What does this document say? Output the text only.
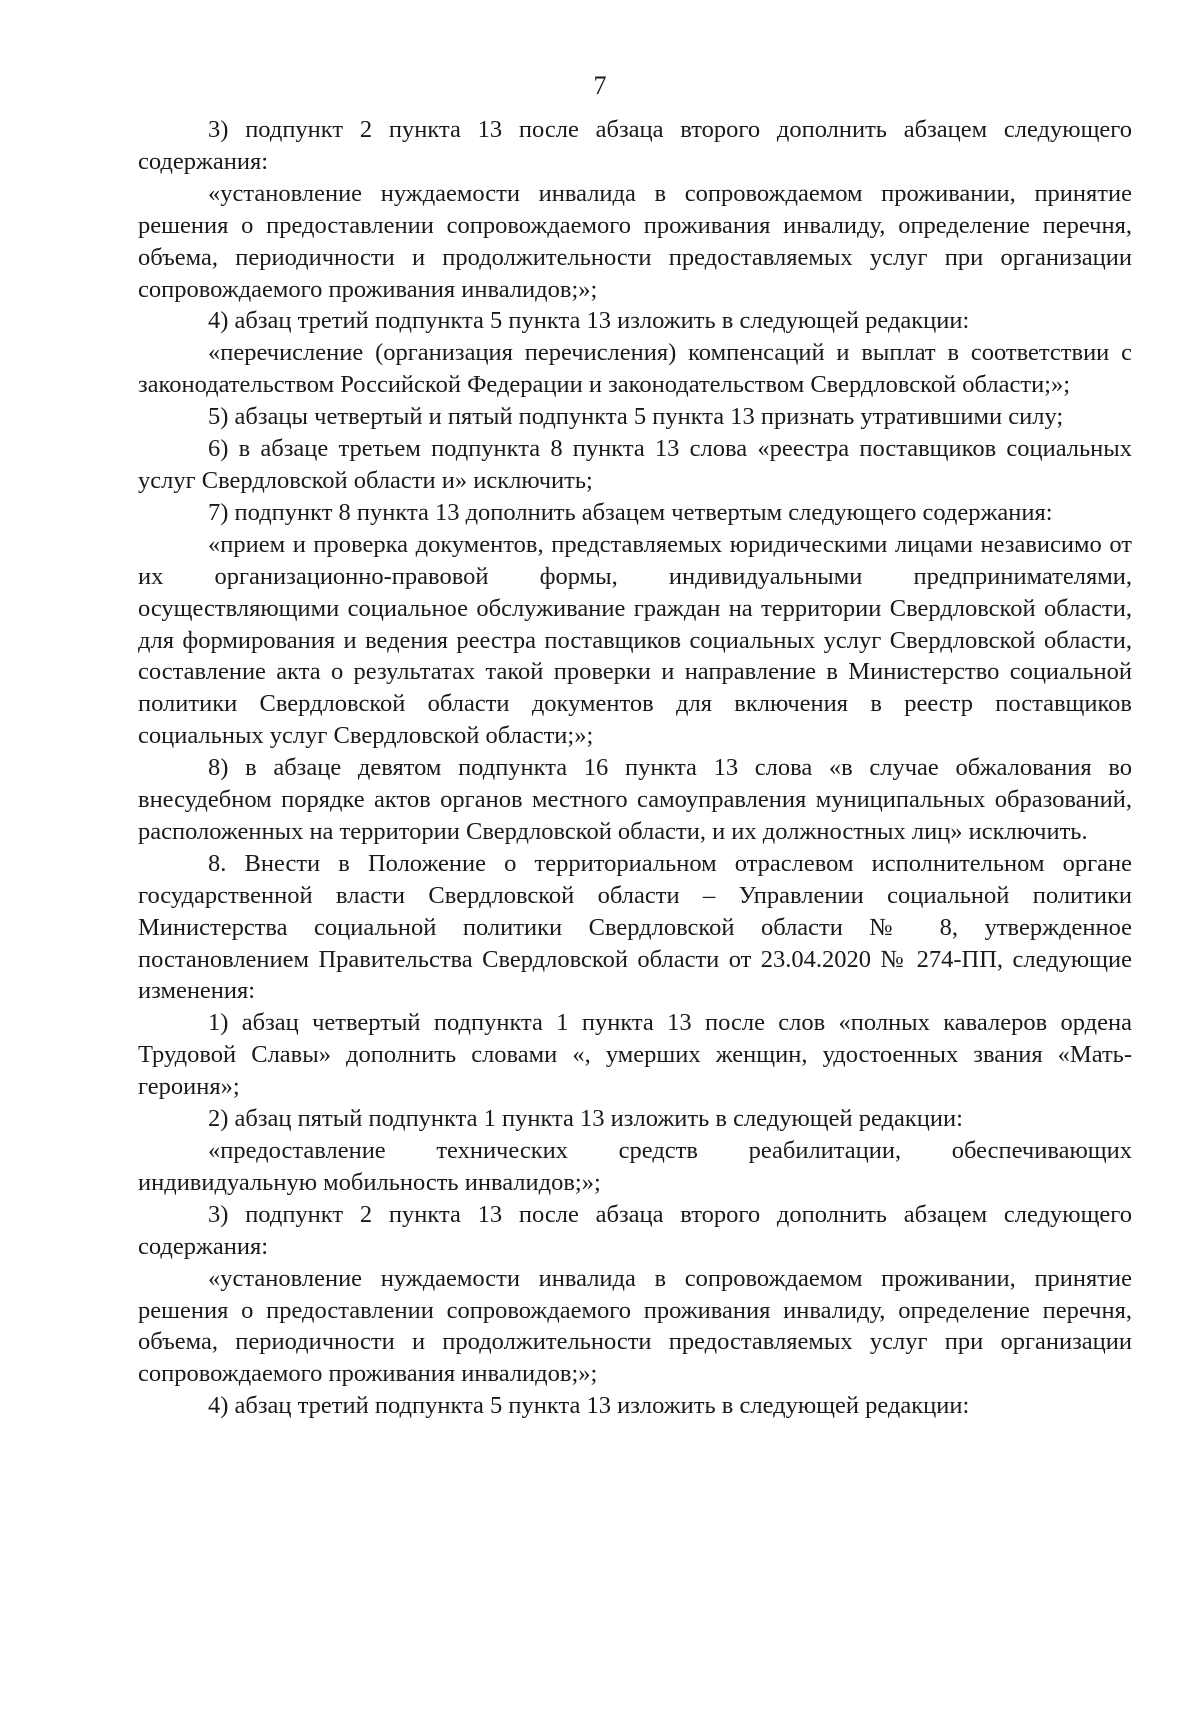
7

3) подпункт 2 пункта 13 после абзаца второго дополнить абзацем следующего содержания:

«установление нуждаемости инвалида в сопровождаемом проживании, принятие решения о предоставлении сопровождаемого проживания инвалиду, определение перечня, объема, периодичности и продолжительности предоставляемых услуг при организации сопровождаемого проживания инвалидов;»;

4) абзац третий подпункта 5 пункта 13 изложить в следующей редакции:

«перечисление (организация перечисления) компенсаций и выплат в соответствии с законодательством Российской Федерации и законодательством Свердловской области;»;

5) абзацы четвертый и пятый подпункта 5 пункта 13 признать утратившими силу;

6) в абзаце третьем подпункта 8 пункта 13 слова «реестра поставщиков социальных услуг Свердловской области и» исключить;

7) подпункт 8 пункта 13 дополнить абзацем четвертым следующего содержания:

«прием и проверка документов, представляемых юридическими лицами независимо от их организационно-правовой формы, индивидуальными предпринимателями, осуществляющими социальное обслуживание граждан на территории Свердловской области, для формирования и ведения реестра поставщиков социальных услуг Свердловской области, составление акта о результатах такой проверки и направление в Министерство социальной политики Свердловской области документов для включения в реестр поставщиков социальных услуг Свердловской области;»;

8) в абзаце девятом подпункта 16 пункта 13 слова «в случае обжалования во внесудебном порядке актов органов местного самоуправления муниципальных образований, расположенных на территории Свердловской области, и их должностных лиц» исключить.

8. Внести в Положение о территориальном отраслевом исполнительном органе государственной власти Свердловской области – Управлении социальной политики Министерства социальной политики Свердловской области № 8, утвержденное постановлением Правительства Свердловской области от 23.04.2020 № 274-ПП, следующие изменения:

1) абзац четвертый подпункта 1 пункта 13 после слов «полных кавалеров ордена Трудовой Славы» дополнить словами «, умерших женщин, удостоенных звания «Мать-героиня»;

2) абзац пятый подпункта 1 пункта 13 изложить в следующей редакции:

«предоставление технических средств реабилитации, обеспечивающих индивидуальную мобильность инвалидов;»;

3) подпункт 2 пункта 13 после абзаца второго дополнить абзацем следующего содержания:

«установление нуждаемости инвалида в сопровождаемом проживании, принятие решения о предоставлении сопровождаемого проживания инвалиду, определение перечня, объема, периодичности и продолжительности предоставляемых услуг при организации сопровождаемого проживания инвалидов;»;

4) абзац третий подпункта 5 пункта 13 изложить в следующей редакции:
